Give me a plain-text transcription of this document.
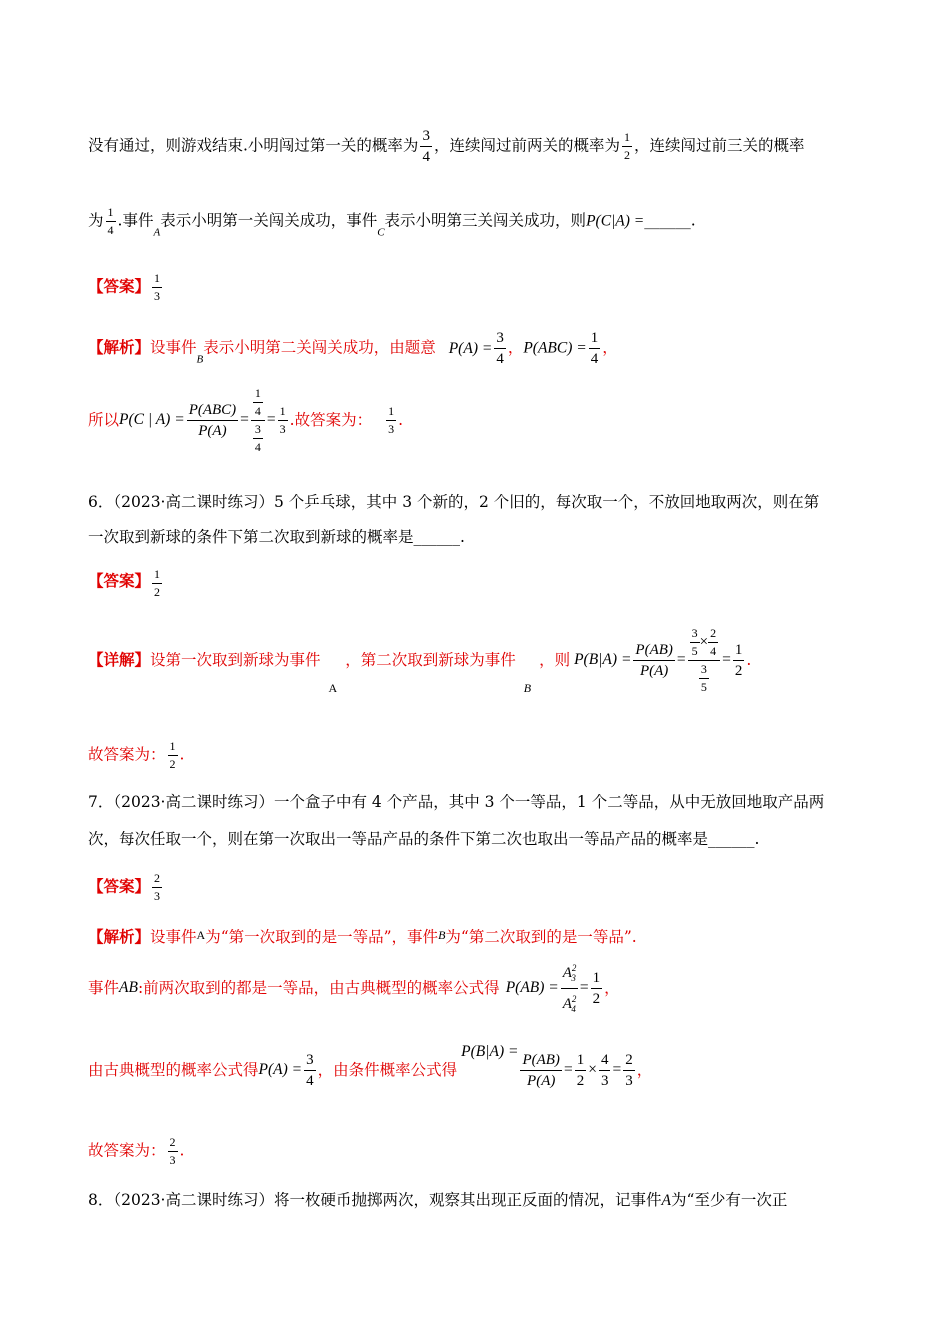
没有通过，则游戏结束.小明闯过第一关的概率为 $\frac{3}{4}$ ，连续闯过前两关的概率为 $\frac{1}{2}$ ，连续闯过前三关的概率
为 $\frac{1}{4}$ .事件$_A$表示小明第一关闯关成功，事件$_C$表示小明第三关闯关成功，则P(C|A) =______.
【答案】 $\frac{1}{3}$
【解析】设事件$_B$表示小明第二关闯关成功，由题意 $P(A) = \frac{3}{4}$ ，$P(ABC) = \frac{1}{4}$ ，
所以 P(C | $A) = \frac{\text{P(ABC)}}{P(A)} = \frac{\frac{1}{4}}{\frac{3}{4}} = \frac{1}{3}$ .故答案为： $\frac{1}{3}$ .
6．（2023·高二课时练习）5 个乒乓球，其中 3 个新的，2 个旧的，每次取一个，不放回地取两次，则在第
一次取到新球的条件下第二次取到新球的概率是______.
【答案】 $\frac{1}{2}$
【详解】 设第一次取到新球为事件
A
，第二次取到新球为事件
B
，则 $P(B|A) = \frac{P(AB)}{P(A)} = \frac{\frac{3}{5} \times \frac{2}{4}}{\frac{3}{5}} = \frac{1}{2}$ .
故答案为： $\frac{1}{2}$ .
7．（2023·高二课时练习）一个盒子中有 4 个产品，其中 3 个一等品，1 个二等品，从中无放回地取产品两
次，每次任取一个，则在第一次取出一等品产品的条件下第二次也取出一等品产品的概率是______.
【答案】 $\frac{2}{3}$
【解析】设事件A为“第一次取到的是一等品”，事件B为“第二次取到的是一等品”.
事件 AB :前两次取到的都是一等品，由古典概型的概率公式得 $P(AB) = \frac{A^2_3}{A^2_4} = \frac{1}{2}$ ，
由古典概型的概率公式得 $P(A) = \frac{3}{4}$ ，由条件概率公式得
$P(B|A) = \frac{P(AB)}{P(A)} = \frac{1}{2} \times \frac{4}{3} = \frac{2}{3}$ ，
故答案为： $\frac{2}{3}$ .
8．（2023·高二课时练习）将一枚硬币抛掷两次，观察其出现正反面的情况，记事件A为“至少有一次正
